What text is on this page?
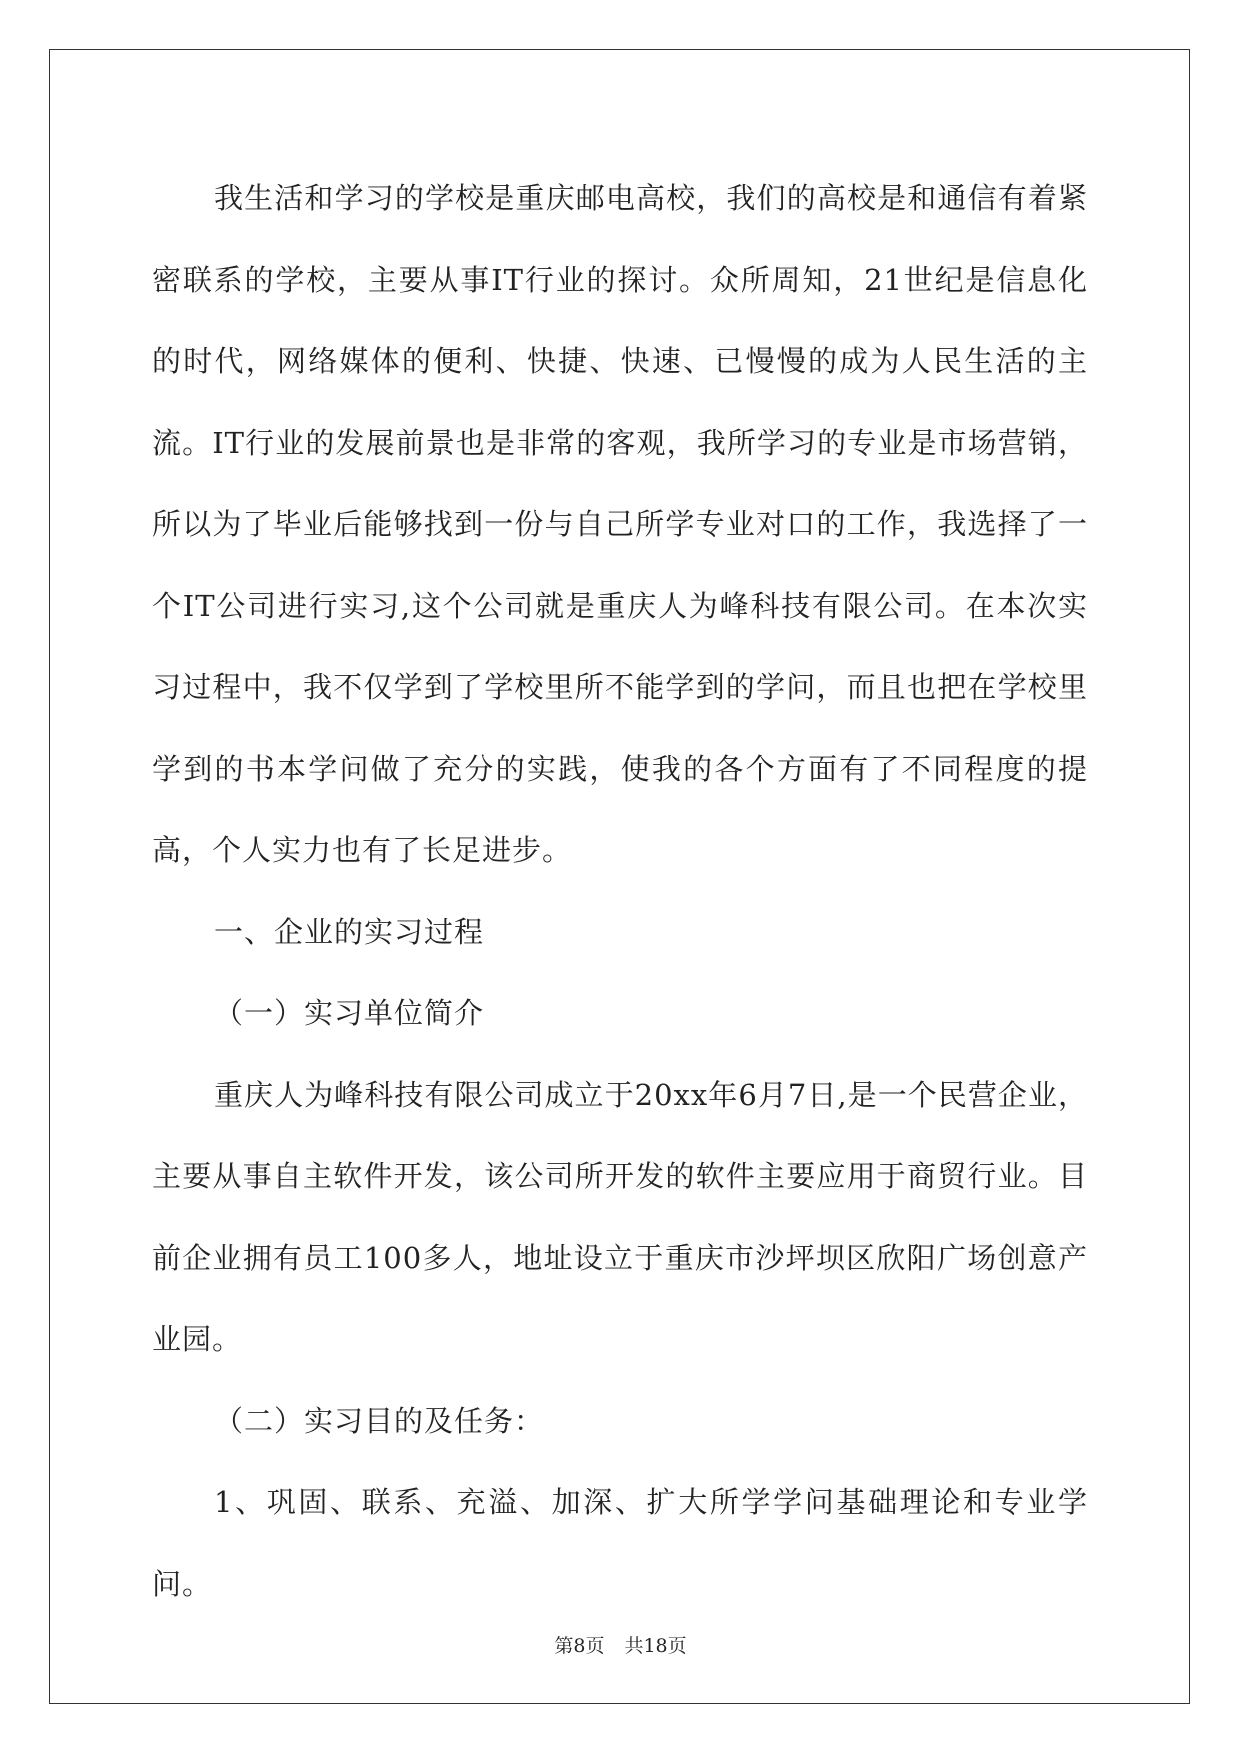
我生活和学习的学校是重庆邮电高校，我们的高校是和通信有着紧密联系的学校，主要从事IT行业的探讨。众所周知，21世纪是信息化的时代，网络媒体的便利、快捷、快速、已慢慢的成为人民生活的主流。IT行业的发展前景也是非常的客观，我所学习的专业是市场营销，所以为了毕业后能够找到一份与自己所学专业对口的工作，我选择了一个IT公司进行实习,这个公司就是重庆人为峰科技有限公司。在本次实习过程中，我不仅学到了学校里所不能学到的学问，而且也把在学校里学到的书本学问做了充分的实践，使我的各个方面有了不同程度的提高，个人实力也有了长足进步。

一、企业的实习过程

（一）实习单位简介

重庆人为峰科技有限公司成立于20xx年6月7日,是一个民营企业，主要从事自主软件开发，该公司所开发的软件主要应用于商贸行业。目前企业拥有员工100多人，地址设立于重庆市沙坪坝区欣阳广场创意产业园。

（二）实习目的及任务：

1、巩固、联系、充溢、加深、扩大所学学问基础理论和专业学问。

第8页 共18页
